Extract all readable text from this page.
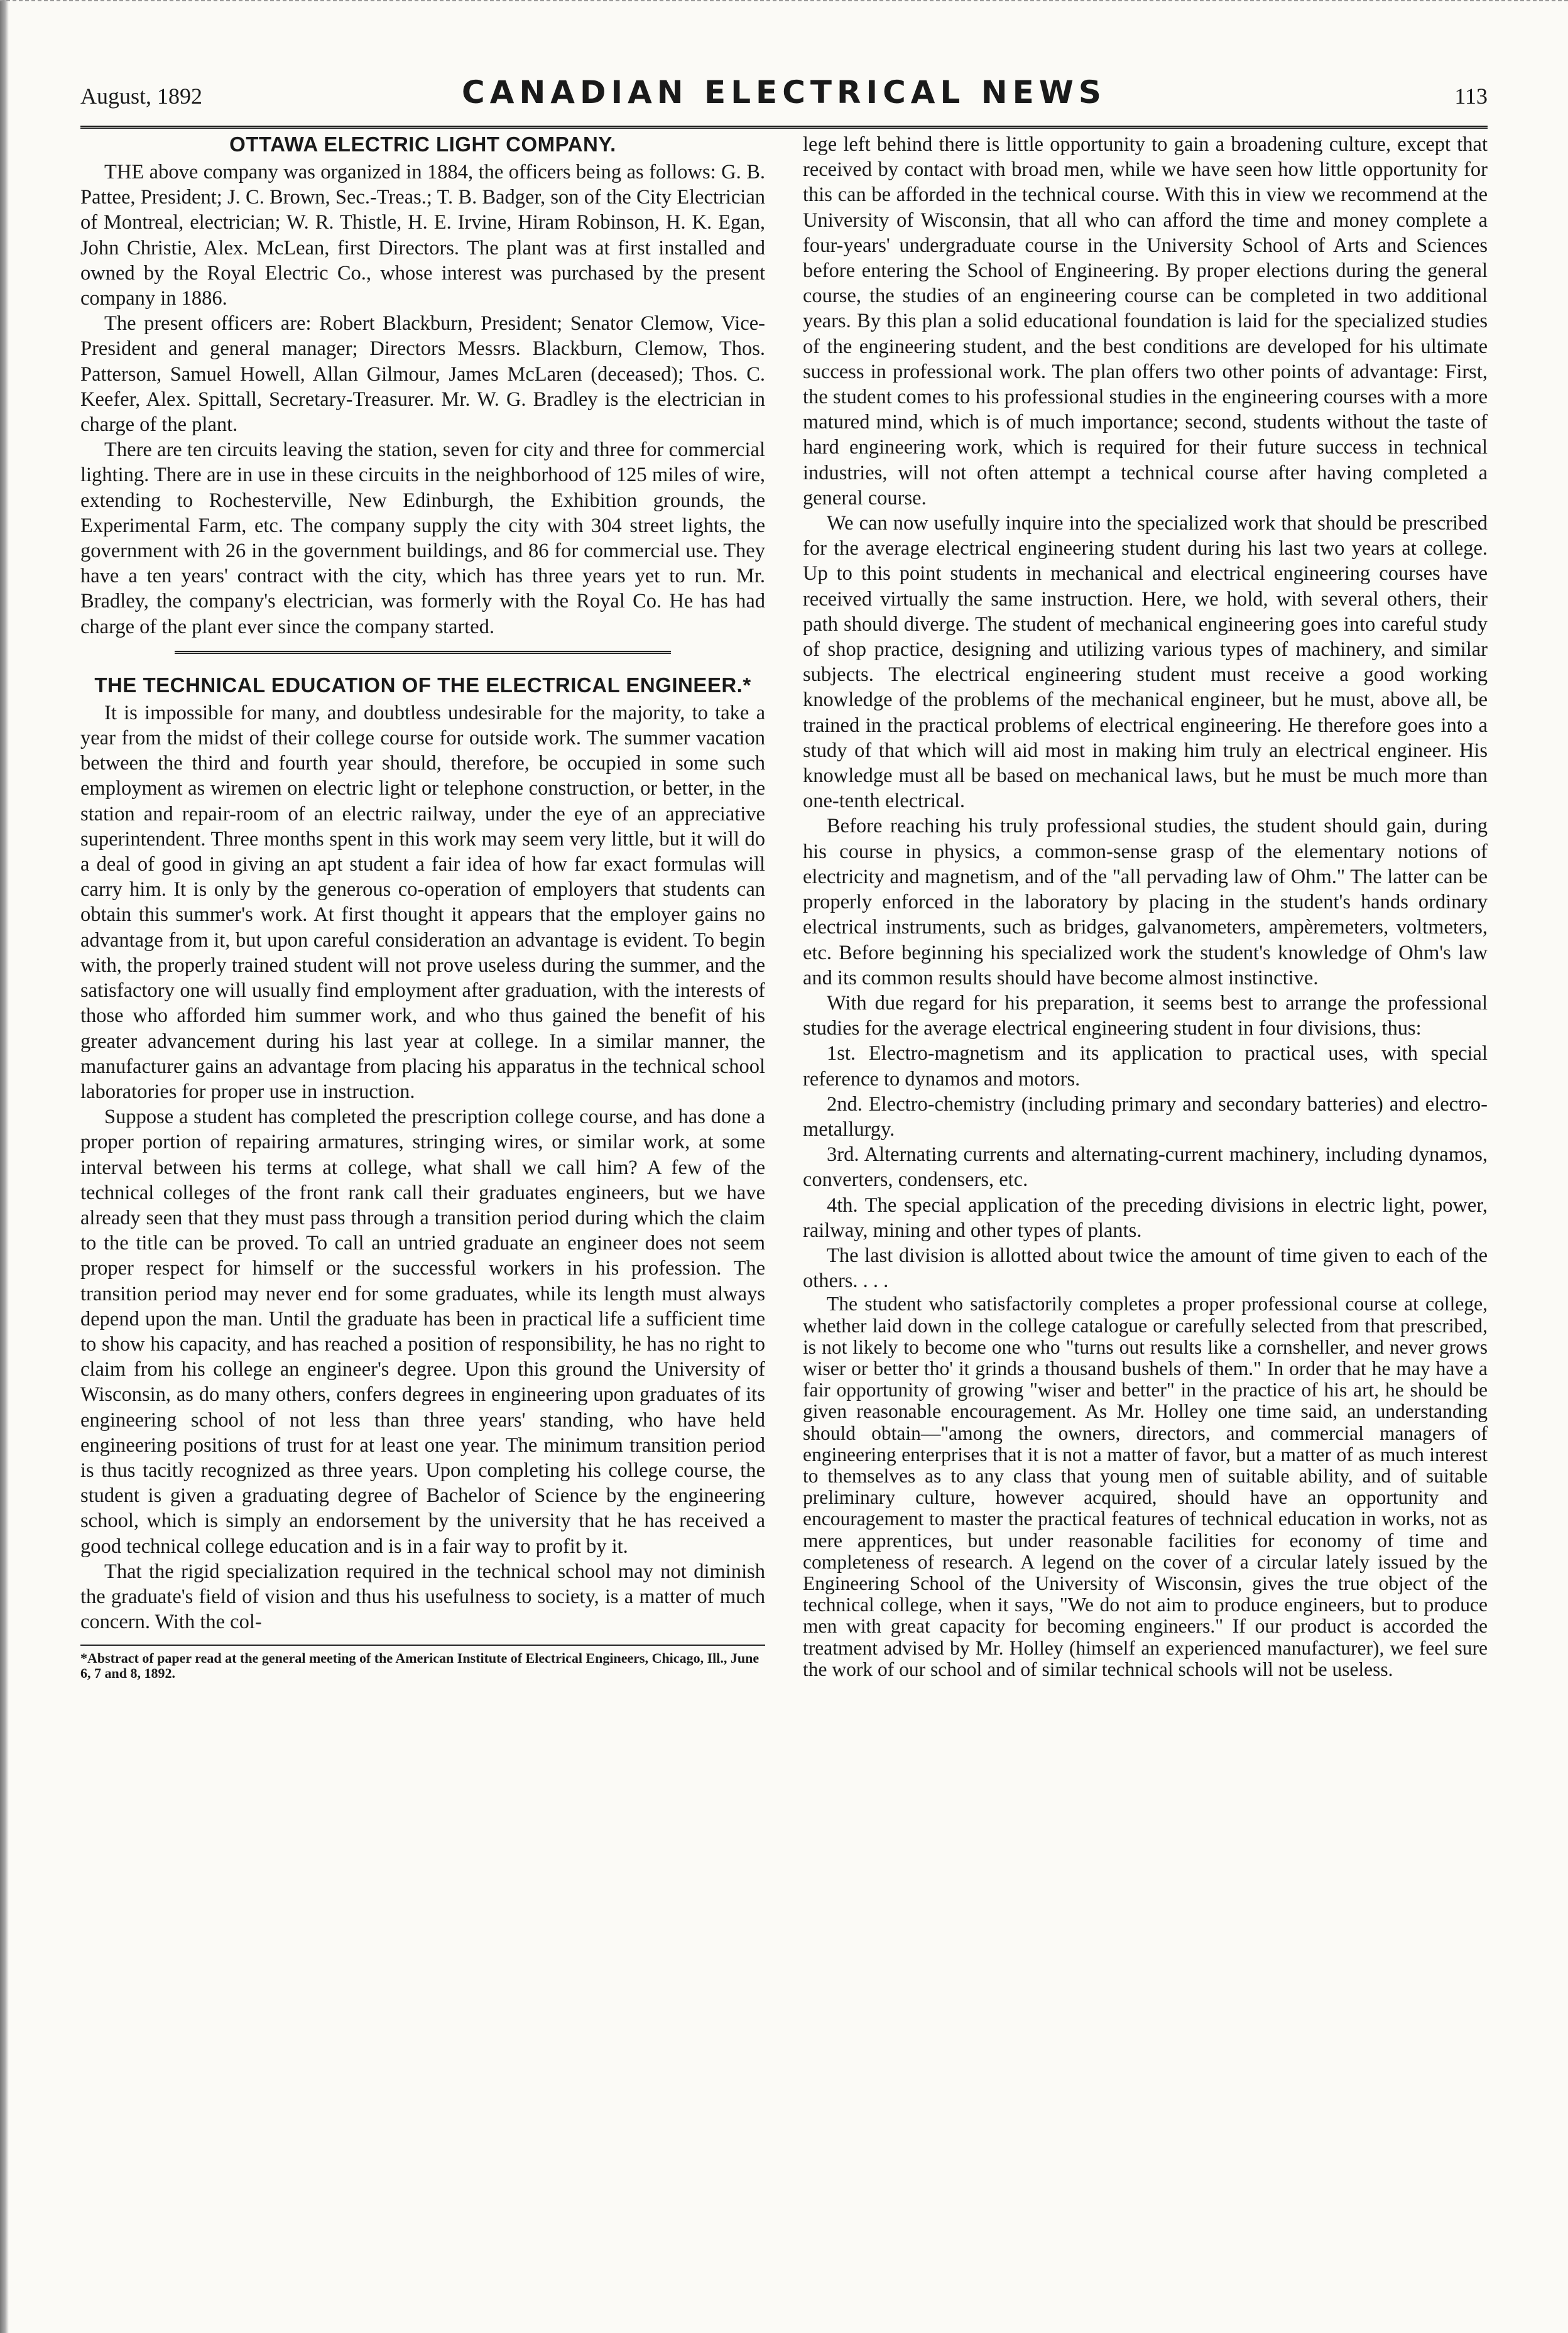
August, 1892	CANADIAN ELECTRICAL NEWS	113
OTTAWA ELECTRIC LIGHT COMPANY.

THE above company was organized in 1884, the officers being as follows: G. B. Pattee, President; J. C. Brown, Sec.-Treas.; T. B. Badger, son of the City Electrician of Montreal, electrician; W. R. Thistle, H. E. Irvine, Hiram Robinson, H. K. Egan, John Christie, Alex. McLean, first Directors. The plant was at first installed and owned by the Royal Electric Co., whose interest was purchased by the present company in 1886.

The present officers are: Robert Blackburn, President; Senator Clemow, Vice-President and general manager; Directors Messrs. Blackburn, Clemow, Thos. Patterson, Samuel Howell, Allan Gilmour, James McLaren (deceased); Thos. C. Keefer, Alex. Spittall, Secretary-Treasurer. Mr. W. G. Bradley is the electrician in charge of the plant.

There are ten circuits leaving the station, seven for city and three for commercial lighting. There are in use in these circuits in the neighborhood of 125 miles of wire, extending to Rochesterville, New Edinburgh, the Exhibition grounds, the Experimental Farm, etc. The company supply the city with 304 street lights, the government with 26 in the government buildings, and 86 for commercial use. They have a ten years' contract with the city, which has three years yet to run. Mr. Bradley, the company's electrician, was formerly with the Royal Co. He has had charge of the plant ever since the company started.

THE TECHNICAL EDUCATION OF THE ELECTRICAL ENGINEER.*

It is impossible for many, and doubtless undesirable for the majority, to take a year from the midst of their college course for outside work. The summer vacation between the third and fourth year should, therefore, be occupied in some such employment as wiremen on electric light or telephone construction, or better, in the station and repair-room of an electric railway, under the eye of an appreciative superintendent. Three months spent in this work may seem very little, but it will do a deal of good in giving an apt student a fair idea of how far exact formulas will carry him. It is only by the generous co-operation of employers that students can obtain this summer's work. At first thought it appears that the employer gains no advantage from it, but upon careful consideration an advantage is evident. To begin with, the properly trained student will not prove useless during the summer, and the satisfactory one will usually find employment after graduation, with the interests of those who afforded him summer work, and who thus gained the benefit of his greater advancement during his last year at college. In a similar manner, the manufacturer gains an advantage from placing his apparatus in the technical school laboratories for proper use in instruction.

Suppose a student has completed the prescription college course, and has done a proper portion of repairing armatures, stringing wires, or similar work, at some interval between his terms at college, what shall we call him? A few of the technical colleges of the front rank call their graduates engineers, but we have already seen that they must pass through a transition period during which the claim to the title can be proved. To call an untried graduate an engineer does not seem proper respect for himself or the successful workers in his profession. The transition period may never end for some graduates, while its length must always depend upon the man. Until the graduate has been in practical life a sufficient time to show his capacity, and has reached a position of responsibility, he has no right to claim from his college an engineer's degree. Upon this ground the University of Wisconsin, as do many others, confers degrees in engineering upon graduates of its engineering school of not less than three years' standing, who have held engineering positions of trust for at least one year. The minimum transition period is thus tacitly recognized as three years. Upon completing his college course, the student is given a graduating degree of Bachelor of Science by the engineering school, which is simply an endorsement by the university that he has received a good technical college education and is in a fair way to profit by it.

That the rigid specialization required in the technical school may not diminish the graduate's field of vision and thus his usefulness to society, is a matter of much concern. With the col-

*Abstract of paper read at the general meeting of the American Institute of Electrical Engineers, Chicago, Ill., June 6, 7 and 8, 1892.

lege left behind there is little opportunity to gain a broadening culture, except that received by contact with broad men, while we have seen how little opportunity for this can be afforded in the technical course. With this in view we recommend at the University of Wisconsin, that all who can afford the time and money complete a four-years' undergraduate course in the University School of Arts and Sciences before entering the School of Engineering. By proper elections during the general course, the studies of an engineering course can be completed in two additional years. By this plan a solid educational foundation is laid for the specialized studies of the engineering student, and the best conditions are developed for his ultimate success in professional work. The plan offers two other points of advantage: First, the student comes to his professional studies in the engineering courses with a more matured mind, which is of much importance; second, students without the taste of hard engineering work, which is required for their future success in technical industries, will not often attempt a technical course after having completed a general course.

We can now usefully inquire into the specialized work that should be prescribed for the average electrical engineering student during his last two years at college. Up to this point students in mechanical and electrical engineering courses have received virtually the same instruction. Here, we hold, with several others, their path should diverge. The student of mechanical engineering goes into careful study of shop practice, designing and utilizing various types of machinery, and similar subjects. The electrical engineering student must receive a good working knowledge of the problems of the mechanical engineer, but he must, above all, be trained in the practical problems of electrical engineering. He therefore goes into a study of that which will aid most in making him truly an electrical engineer. His knowledge must all be based on mechanical laws, but he must be much more than one-tenth electrical.

Before reaching his truly professional studies, the student should gain, during his course in physics, a common-sense grasp of the elementary notions of electricity and magnetism, and of the "all pervading law of Ohm." The latter can be properly enforced in the laboratory by placing in the student's hands ordinary electrical instruments, such as bridges, galvanometers, ampèremeters, voltmeters, etc. Before beginning his specialized work the student's knowledge of Ohm's law and its common results should have become almost instinctive.

With due regard for his preparation, it seems best to arrange the professional studies for the average electrical engineering student in four divisions, thus:

1st. Electro-magnetism and its application to practical uses, with special reference to dynamos and motors.

2nd. Electro-chemistry (including primary and secondary batteries) and electro-metallurgy.

3rd. Alternating currents and alternating-current machinery, including dynamos, converters, condensers, etc.

4th. The special application of the preceding divisions in electric light, power, railway, mining and other types of plants.

The last division is allotted about twice the amount of time given to each of the others. . . .

The student who satisfactorily completes a proper professional course at college, whether laid down in the college catalogue or carefully selected from that prescribed, is not likely to become one who "turns out results like a cornsheller, and never grows wiser or better tho' it grinds a thousand bushels of them." In order that he may have a fair opportunity of growing "wiser and better" in the practice of his art, he should be given reasonable encouragement. As Mr. Holley one time said, an understanding should obtain—"among the owners, directors, and commercial managers of engineering enterprises that it is not a matter of favor, but a matter of as much interest to themselves as to any class that young men of suitable ability, and of suitable preliminary culture, however acquired, should have an opportunity and encouragement to master the practical features of technical education in works, not as mere apprentices, but under reasonable facilities for economy of time and completeness of research. A legend on the cover of a circular lately issued by the Engineering School of the University of Wisconsin, gives the true object of the technical college, when it says, "We do not aim to produce engineers, but to produce men with great capacity for becoming engineers." If our product is accorded the treatment advised by Mr. Holley (himself an experienced manufacturer), we feel sure the work of our school and of similar technical schools will not be useless.
